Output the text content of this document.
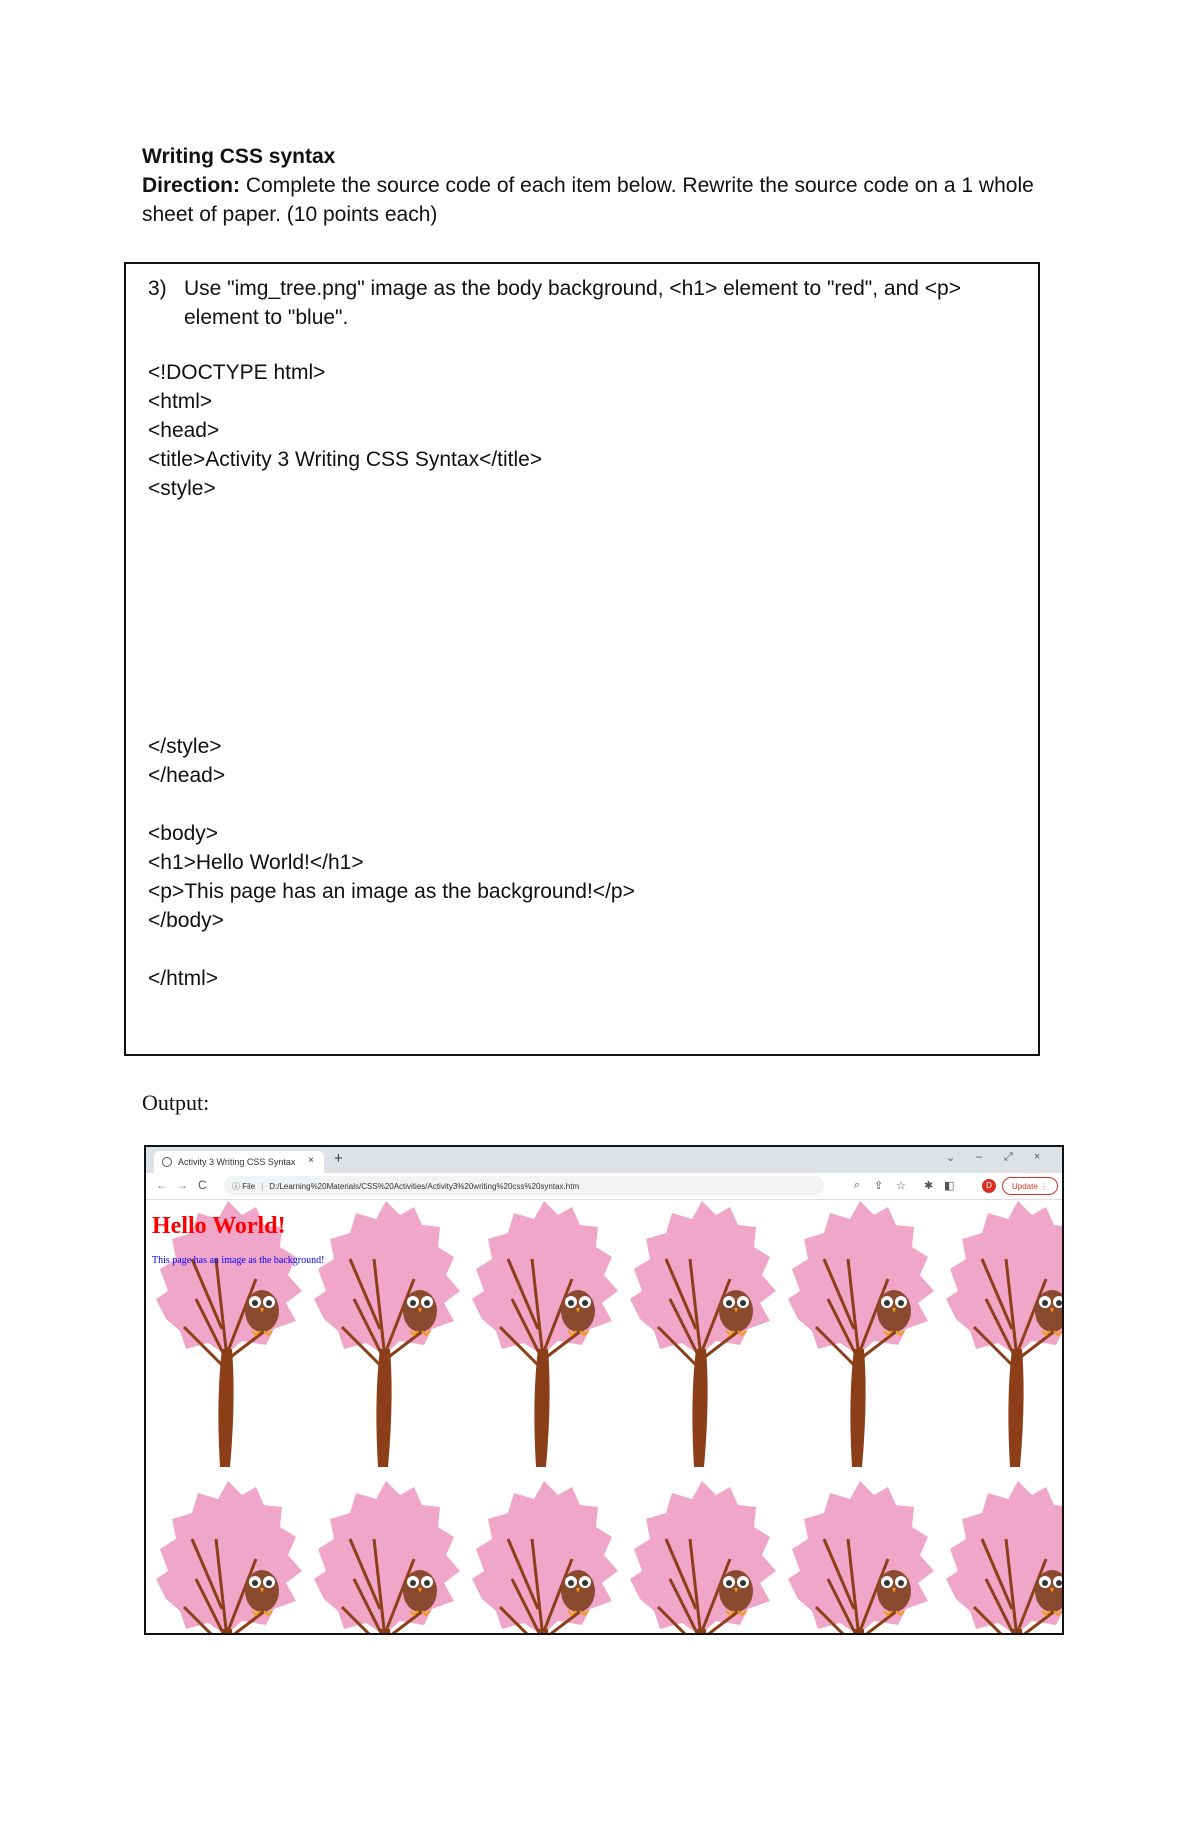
Writing CSS syntax
Direction: Complete the source code of each item below. Rewrite the source code on a 1 whole sheet of paper. (10 points each)
3) Use "img_tree.png" image as the body background, <h1> element to "red", and <p> element to "blue".
<!DOCTYPE html>
<html>
<head>
<title>Activity 3 Writing CSS Syntax</title>
<style>
</style>
</head>
<body>
<h1>Hello World!</h1>
<p>This page has an image as the background!</p>
</body>
</html>
Output:
Activity 3 Writing CSS Syntax × +	⌄ – ⤢ ×
← → C	ⓘ
File | D:/Learning%20Materials/CSS%20Activities/Activity3%20writing%20css%20syntax.htm	⌕ ⇪ ☆ ✱ ◧	D	Update ⋮
Hello World!

This page has an image as the background!
